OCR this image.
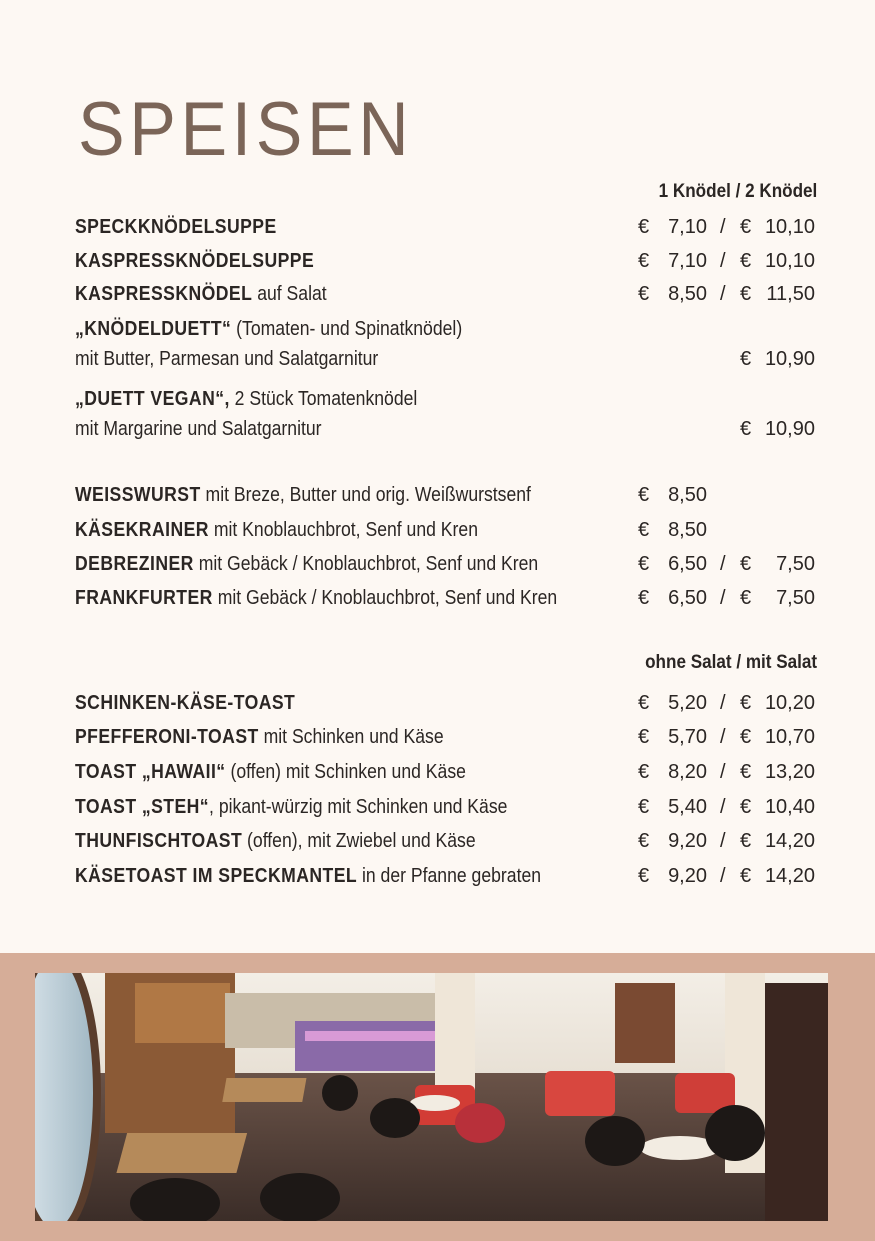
SPEISEN
1 Knödel / 2 Knödel
ohne Salat / mit Salat
SPECKKNÖDELSUPPE	€ 7,10 / € 10,10
KASPRESSKNÖDELSUPPE	€ 7,10 / € 10,10
KASPRESSKNÖDEL auf Salat	€ 8,50 / € 11,50
„KNÖDELDUETT“ (Tomaten- und Spinatknödel)
mit Butter, Parmesan und Salatgarnitur	€ 10,90
„DUETT VEGAN“, 2 Stück Tomatenknödel
mit Margarine und Salatgarnitur	€ 10,90
WEISSWURST mit Breze, Butter und orig. Weißwurstsenf	€ 8,50
KÄSEKRAINER mit Knoblauchbrot, Senf und Kren	€ 8,50
DEBREZINER mit Gebäck / Knoblauchbrot, Senf und Kren	€ 6,50 / € 7,50
FRANKFURTER mit Gebäck / Knoblauchbrot, Senf und Kren	€ 6,50 / € 7,50
SCHINKEN-KÄSE-TOAST	€ 5,20 / € 10,20
PFEFFERONI-TOAST mit Schinken und Käse	€ 5,70 / € 10,70
TOAST „HAWAII“ (offen) mit Schinken und Käse	€ 8,20 / € 13,20
TOAST „STEH“, pikant-würzig mit Schinken und Käse	€ 5,40 / € 10,40
THUNFISCHTOAST (offen), mit Zwiebel und Käse	€ 9,20 / € 14,20
KÄSETOAST IM SPECKMANTEL in der Pfanne gebraten	€ 9,20 / € 14,20
